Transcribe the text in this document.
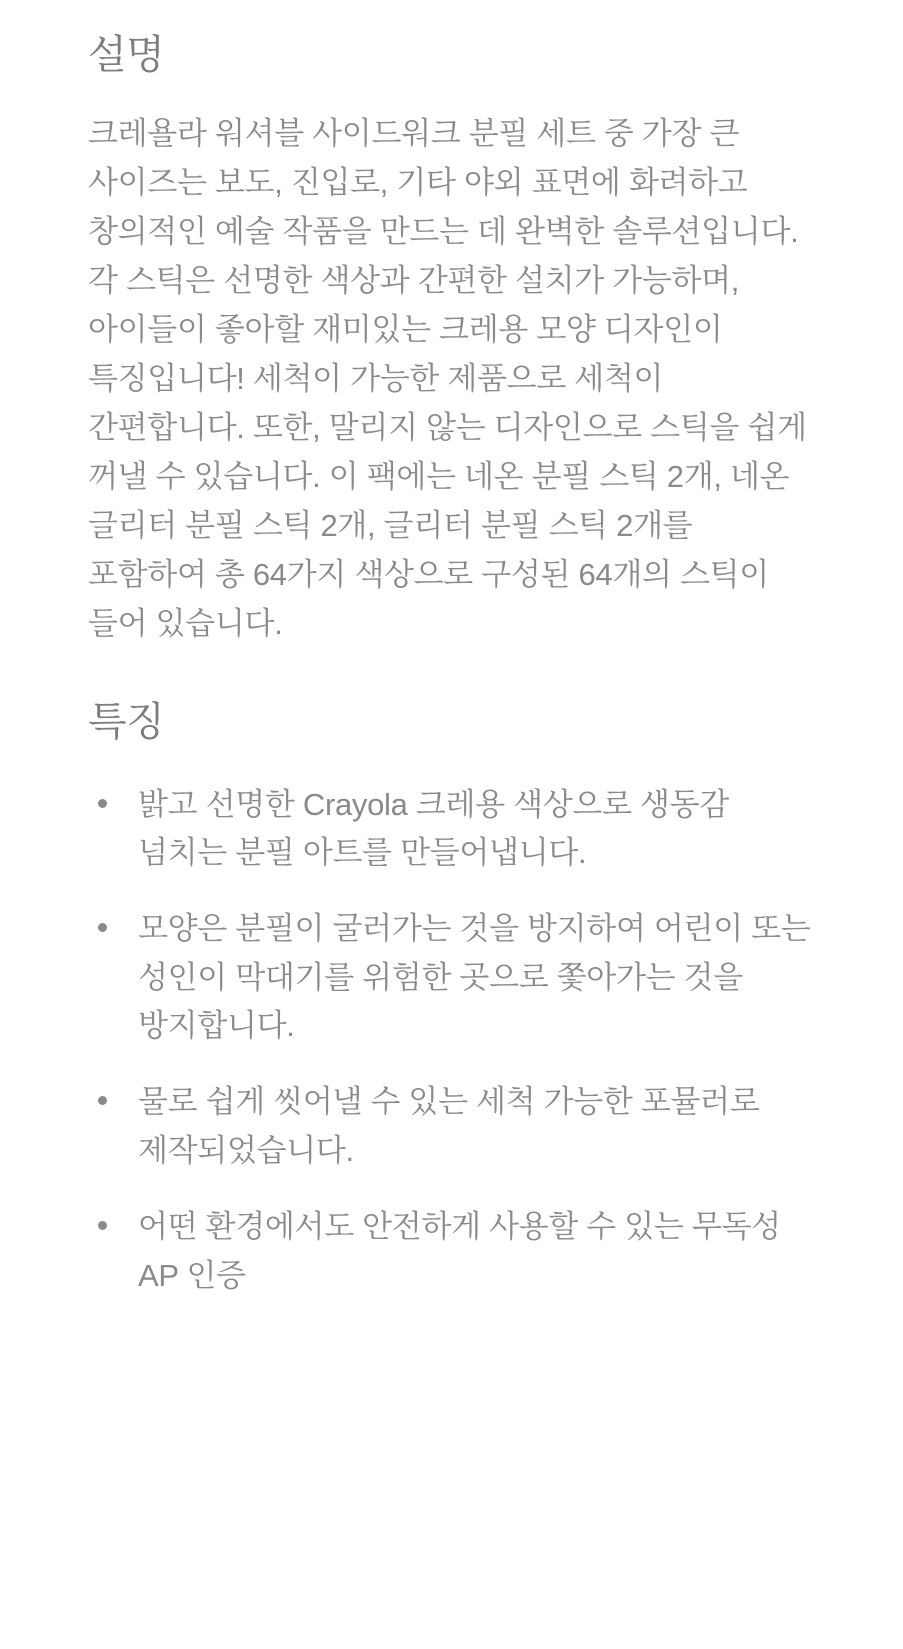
설명

크레욜라 워셔블 사이드워크 분필 세트 중 가장 큰 사이즈는 보도, 진입로, 기타 야외 표면에 화려하고 창의적인 예술 작품을 만드는 데 완벽한 솔루션입니다. 각 스틱은 선명한 색상과 간편한 설치가 가능하며, 아이들이 좋아할 재미있는 크레용 모양 디자인이 특징입니다! 세척이 가능한 제품으로 세척이 간편합니다. 또한, 말리지 않는 디자인으로 스틱을 쉽게 꺼낼 수 있습니다. 이 팩에는 네온 분필 스틱 2개, 네온 글리터 분필 스틱 2개, 글리터 분필 스틱 2개를 포함하여 총 64가지 색상으로 구성된 64개의 스틱이 들어 있습니다.

특징
밝고 선명한 Crayola 크레용 색상으로 생동감 넘치는 분필 아트를 만들어냅니다.
모양은 분필이 굴러가는 것을 방지하여 어린이 또는 성인이 막대기를 위험한 곳으로 쫓아가는 것을 방지합니다.
물로 쉽게 씻어낼 수 있는 세척 가능한 포뮬러로 제작되었습니다.
어떤 환경에서도 안전하게 사용할 수 있는 무독성 AP 인증
